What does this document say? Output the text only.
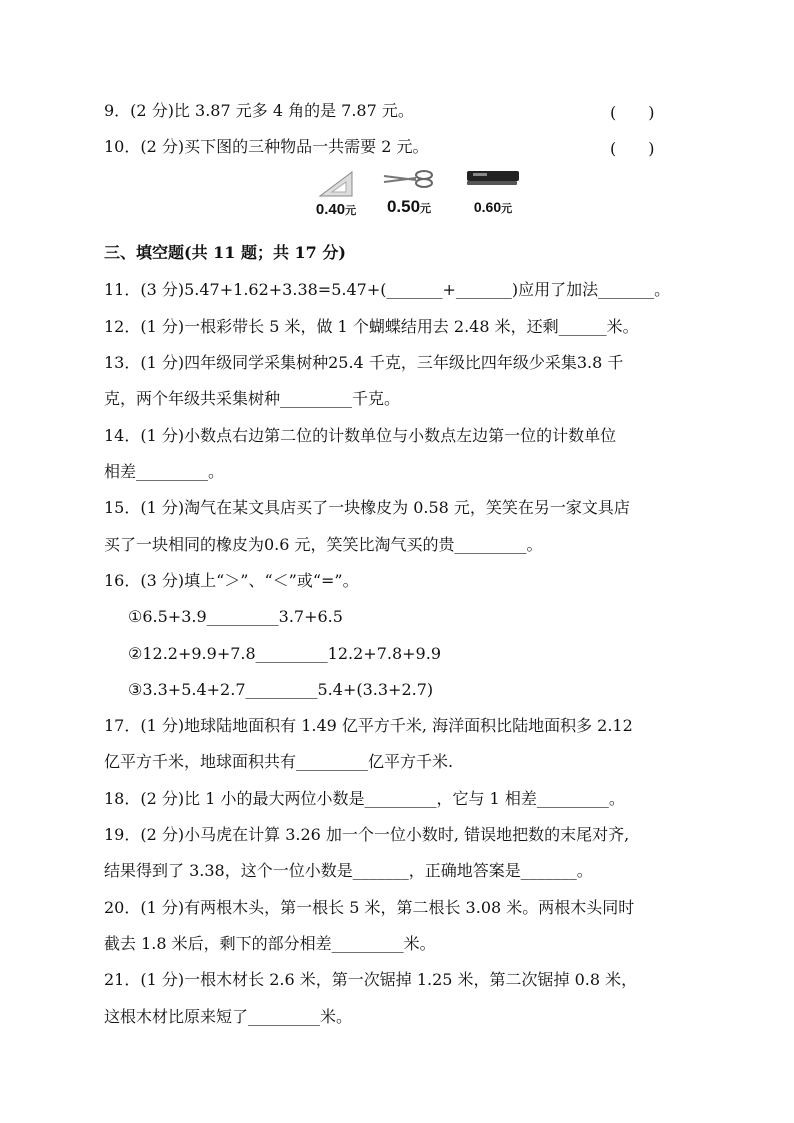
9．(2 分)比 3.87 元多 4 角的是 7.87 元。	(　　)
10．(2 分)买下图的三种物品一共需要 2 元。	(　　)
0.40元	0.50元	0.60元
三、填空题(共 11 题；共 17 分)
11．(3 分)5.47+1.62+3.38=5.47+(_______+_______)应用了加法_______。
12．(1 分)一根彩带长 5 米，做 1 个蝴蝶结用去 2.48 米，还剩______米。
13．(1 分)四年级同学采集树种25.4 千克，三年级比四年级少采集3.8 千
克，两个年级共采集树种_________千克。
14．(1 分)小数点右边第二位的计数单位与小数点左边第一位的计数单位
相差_________。
15．(1 分)淘气在某文具店买了一块橡皮为 0.58 元，笑笑在另一家文具店
买了一块相同的橡皮为0.6 元，笑笑比淘气买的贵_________。
16．(3 分)填上“＞”、“＜”或“=”。
①6.5+3.9_________3.7+6.5
②12.2+9.9+7.8_________12.2+7.8+9.9
③3.3+5.4+2.7_________5.4+(3.3+2.7)
17．(1 分)地球陆地面积有 1.49 亿平方千米, 海洋面积比陆地面积多 2.12
亿平方千米，地球面积共有_________亿平方千米.
18．(2 分)比 1 小的最大两位小数是_________，它与 1 相差_________。
19．(2 分)小马虎在计算 3.26 加一个一位小数时, 错误地把数的末尾对齐,
结果得到了 3.38，这个一位小数是_______，正确地答案是_______。
20．(1 分)有两根木头，第一根长 5 米，第二根长 3.08 米。两根木头同时
截去 1.8 米后，剩下的部分相差_________米。
21．(1 分)一根木材长 2.6 米，第一次锯掉 1.25 米，第二次锯掉 0.8 米，
这根木材比原来短了_________米。
